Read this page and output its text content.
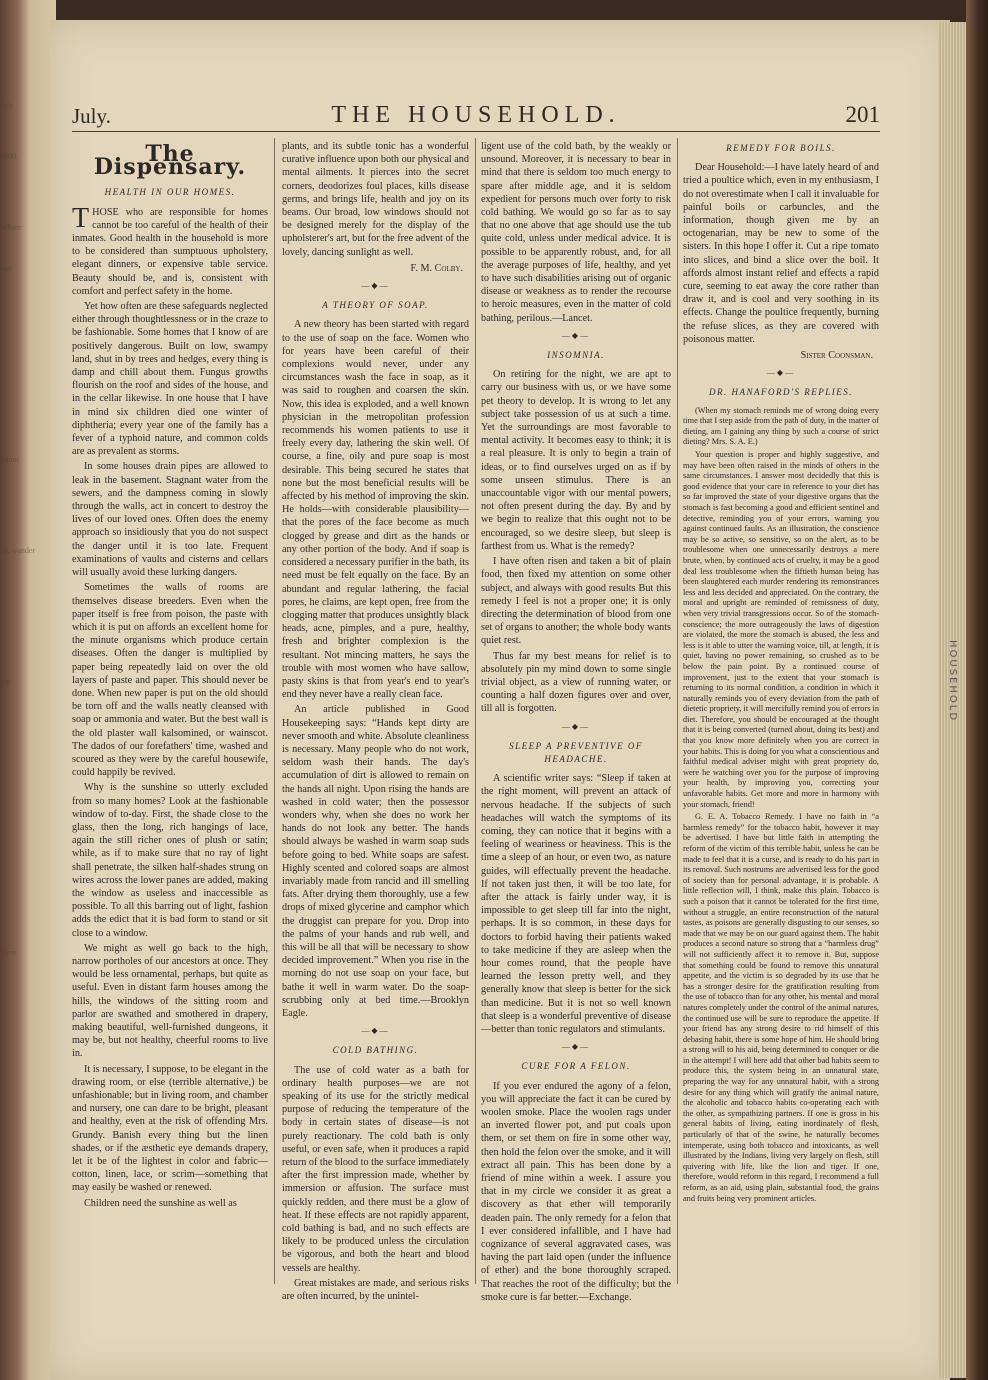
July
1890.
Where
had
minor
ist, wander
ing
Steer
HOUSEHOLD
July.	THE HOUSEHOLD.	201
The Dispensary.
HEALTH IN OUR HOMES.

THOSE who are responsible for homes cannot be too careful of the health of their inmates. Good health in the household is more to be considered than sumptuous upholstery, elegant dinners, or expensive table service. Beauty should be, and is, consistent with comfort and perfect safety in the home.

Yet how often are these safeguards neglected either through thoughtlessness or in the craze to be fashionable. Some homes that I know of are positively dangerous. Built on low, swampy land, shut in by trees and hedges, every thing is damp and chill about them. Fungus growths flourish on the roof and sides of the house, and in the cellar likewise. In one house that I have in mind six children died one winter of diphtheria; every year one of the family has a fever of a typhoid nature, and common colds are as prevalent as storms.

In some houses drain pipes are allowed to leak in the basement. Stagnant water from the sewers, and the dampness coming in slowly through the walls, act in concert to destroy the lives of our loved ones. Often does the enemy approach so insidiously that you do not suspect the danger until it is too late. Frequent examinations of vaults and cisterns and cellars will usually avoid these lurking dangers.

Sometimes the walls of rooms are themselves disease breeders. Even when the paper itself is free from poison, the paste with which it is put on affords an excellent home for the minute organisms which produce certain diseases. Often the danger is multiplied by paper being repeatedly laid on over the old layers of paste and paper. This should never be done. When new paper is put on the old should be torn off and the walls neatly cleansed with soap or ammonia and water. But the best wall is the old plaster wall kalsomined, or wainscot. The dados of our forefathers' time, washed and scoured as they were by the careful housewife, could happily be revived.

Why is the sunshine so utterly excluded from so many homes? Look at the fashionable window of to-day. First, the shade close to the glass, then the long, rich hangings of lace, again the still richer ones of plush or satin; while, as if to make sure that no ray of light shall penetrate, the silken half-shades strung on wires across the lower panes are added, making the window as useless and inaccessible as possible. To all this barring out of light, fashion adds the edict that it is bad form to stand or sit close to a window.

We might as well go back to the high, narrow portholes of our ancestors at once. They would be less ornamental, perhaps, but quite as useful. Even in distant farm houses among the hills, the windows of the sitting room and parlor are swathed and smothered in drapery, making beautiful, well-furnished dungeons, it may be, but not healthy, cheerful rooms to live in.

It is necessary, I suppose, to be elegant in the drawing room, or else (terrible alternative,) be unfashionable; but in living room, and chamber and nursery, one can dare to be bright, pleasant and healthy, even at the risk of offending Mrs. Grundy. Banish every thing but the linen shades, or if the æsthetic eye demands drapery, let it be of the lightest in color and fabric—cotton, linen, lace, or scrim—something that may easily be washed or renewed.

Children need the sunshine as well as

plants, and its subtle tonic has a wonderful curative influence upon both our physical and mental ailments. It pierces into the secret corners, deodorizes foul places, kills disease germs, and brings life, health and joy on its beams. Our broad, low windows should not be designed merely for the display of the upholsterer's art, but for the free advent of the lovely, dancing sunlight as well.

F. M. Colby.
—◆—
A THEORY OF SOAP.

A new theory has been started with regard to the use of soap on the face. Women who for years have been careful of their complexions would never, under any circumstances wash the face in soap, as it was said to roughen and coarsen the skin. Now, this idea is exploded, and a well known physician in the metropolitan profession recommends his women patients to use it freely every day, lathering the skin well. Of course, a fine, oily and pure soap is most desirable. This being secured he states that none but the most beneficial results will be affected by his method of improving the skin. He holds—with considerable plausibility—that the pores of the face become as much clogged by grease and dirt as the hands or any other portion of the body. And if soap is considered a necessary purifier in the bath, its need must be felt equally on the face. By an abundant and regular lathering, the facial pores, he claims, are kept open, free from the clogging matter that produces unsightly black heads, acne, pimples, and a pure, healthy, fresh and brighter complexion is the resultant. Not mincing matters, he says the trouble with most women who have sallow, pasty skins is that from year's end to year's end they never have a really clean face.

An article published in Good Housekeeping says: “Hands kept dirty are never smooth and white. Absolute cleanliness is necessary. Many people who do not work, seldom wash their hands. The day's accumulation of dirt is allowed to remain on the hands all night. Upon rising the hands are washed in cold water; then the possessor wonders why, when she does no work her hands do not look any better. The hands should always be washed in warm soap suds before going to bed. White soaps are safest. Highly scented and colored soaps are almost invariably made from rancid and ill smelling fats. After drying them thoroughly, use a few drops of mixed glycerine and camphor which the druggist can prepare for you. Drop into the palms of your hands and rub well, and this will be all that will be necessary to show decided improvement.” When you rise in the morning do not use soap on your face, but bathe it well in warm water. Do the soap-scrubbing only at bed time.—Brooklyn Eagle.

—◆—
COLD BATHING.

The use of cold water as a bath for ordinary health purposes—we are not speaking of its use for the strictly medical purpose of reducing the temperature of the body in certain states of disease—is not purely reactionary. The cold bath is only useful, or even safe, when it produces a rapid return of the blood to the surface immediately after the first impression made, whether by immersion or affusion. The surface must quickly redden, and there must be a glow of heat. If these effects are not rapidly apparent, cold bathing is bad, and no such effects are likely to be produced unless the circulation be vigorous, and both the heart and blood vessels are healthy.

Great mistakes are made, and serious risks are often incurred, by the unintel-

ligent use of the cold bath, by the weakly or unsound. Moreover, it is necessary to bear in mind that there is seldom too much energy to spare after middle age, and it is seldom expedient for persons much over forty to risk cold bathing. We would go so far as to say that no one above that age should use the tub quite cold, unless under medical advice. It is possible to be apparently robust, and, for all the average purposes of life, healthy, and yet to have such disabilities arising out of organic disease or weakness as to render the recourse to heroic measures, even in the matter of cold bathing, perilous.—Lancet.

—◆—
INSOMNIA.

On retiring for the night, we are apt to carry our business with us, or we have some pet theory to develop. It is wrong to let any subject take possession of us at such a time. Yet the surroundings are most favorable to mental activity. It becomes easy to think; it is a real pleasure. It is only to begin a train of ideas, or to find ourselves urged on as if by some unseen stimulus. There is an unaccountable vigor with our mental powers, not often present during the day. By and by we begin to realize that this ought not to be encouraged, so we desire sleep, but sleep is farthest from us. What is the remedy?

I have often risen and taken a bit of plain food, then fixed my attention on some other subject, and always with good results But this remedy I feel is not a proper one; it is only directing the determination of blood from one set of organs to another; the whole body wants quiet rest.

Thus far my best means for relief is to absolutely pin my mind down to some single trivial object, as a view of running water, or counting a half dozen figures over and over, till all is forgotten.

—◆—
SLEEP A PREVENTIVE OF HEADACHE.

A scientific writer says: “Sleep if taken at the right moment, will prevent an attack of nervous headache. If the subjects of such headaches will watch the symptoms of its coming, they can notice that it begins with a feeling of weariness or heaviness. This is the time a sleep of an hour, or even two, as nature guides, will effectually prevent the headache. If not taken just then, it will be too late, for after the attack is fairly under way, it is impossible to get sleep till far into the night, perhaps. It is so common, in these days for doctors to forbid having their patients waked to take medicine if they are asleep when the hour comes round, that the people have learned the lesson pretty well, and they generally know that sleep is better for the sick than medicine. But it is not so well known that sleep is a wonderful preventive of disease—better than tonic regulators and stimulants.

—◆—
CURE FOR A FELON.

If you ever endured the agony of a felon, you will appreciate the fact it can be cured by woolen smoke. Place the woolen rags under an inverted flower pot, and put coals upon them, or set them on fire in some other way, then hold the felon over the smoke, and it will extract all pain. This has been done by a friend of mine within a week. I assure you that in my circle we consider it as great a discovery as that ether will temporarily deaden pain. The only remedy for a felon that I ever considered infallible, and I have had cognizance of several aggravated cases, was having the part laid open (under the influence of ether) and the bone thoroughly scraped. That reaches the root of the difficulty; but the smoke cure is far better.—Exchange.

REMEDY FOR BOILS.

Dear Household:—I have lately heard of and tried a poultice which, even in my enthusiasm, I do not overestimate when I call it invaluable for painful boils or carbuncles, and the information, though given me by an octogenarian, may be new to some of the sisters. In this hope I offer it. Cut a ripe tomato into slices, and bind a slice over the boil. It affords almost instant relief and effects a rapid cure, seeming to eat away the core rather than draw it, and is cool and very soothing in its effects. Change the poultice frequently, burning the refuse slices, as they are covered with poisonous matter.

Sister Coonsman.
—◆—
DR. HANAFORD'S REPLIES.

(When my stomach reminds me of wrong doing every time that I step aside from the path of duty, in the matter of dieting, am I gaining any thing by such a course of strict dieting? Mrs. S. A. E.)

Your question is proper and highly suggestive, and may have been often raised in the minds of others in the same circumstances. I answer most decidedly that this is good evidence that your care in reference to your diet has so far improved the state of your digestive organs that the stomach is fast becoming a good and efficient sentinel and detective, reminding you of your errors, warning you against continued faults. As an illustration, the conscience may be so active, so sensitive, so on the alert, as to be troublesome when one unnecessarily destroys a mere brute, when, by continued acts of cruelty, it may be a good deal less troublesome when the fiftieth human being has been slaughtered each murder rendering its remonstrances less and less decided and appreciated. On the contrary, the moral and upright are reminded of remissness of duty, when very trivial transgressions occur. So of the stomach-conscience; the more outrageously the laws of digestion are violated, the more the stomach is abused, the less and less is it able to utter the warning voice, till, at length, it is quiet, having no power remaining, so crushed as to be below the pain point. By a continued course of improvement, just to the extent that your stomach is returning to its normal condition, a condition in which it naturally reminds you of every deviation from the path of dietetic propriety, it will mercifully remind you of errors in diet. Therefore, you should be encouraged at the thought that it is being converted (turned about, doing its best) and that you know more definitely when you are correct in your habits. This is doing for you what a conscientious and faithful medical adviser might with great propriety do, were he watching over you for the purpose of improving your health, by improving you, correcting your unfavorable habits. Get more and more in harmony with your stomach, friend!

G. E. A. Tobacco Remedy. I have no faith in “a harmless remedy” for the tobacco habit, however it may be advertised. I have but little faith in attempting the reform of the victim of this terrible habit, unless he can be made to feel that it is a curse, and is ready to do his part in its removal. Such nostrums are advertised less for the good of society than for personal advantage, it is probable. A little reflection will, I think, make this plain. Tobacco is such a poison that it cannot be tolerated for the first time, without a struggle, an entire reconstruction of the natural tastes, as poisons are generally disgusting to our senses, so made that we may be on our guard against them. The habit produces a second nature so strong that a “harmless drug” will not sufficiently affect it to remove it. But, suppose that something could be found to remove this unnatural appetite, and the victim is so degraded by its use that he has a stronger desire for the gratification resulting from the use of tobacco than for any other, his mental and moral natures completely under the control of the animal natures, the continued use will be sure to reproduce the appetite. If your friend has any strong desire to rid himself of this debasing habit, there is some hope of him. He should bring a strong will to his aid, being determined to conquer or die in the attempt! I will here add that other bad habits seem to produce this, the system being in an unnatural state, preparing the way for any unnatural habit, with a strong desire for any thing which will gratify the animal nature, the alcoholic and tobacco habits co-operating each with the other, as sympathizing partners. If one is gross in his general habits of living, eating inordinately of flesh, particularly of that of the swine, he naturally becomes intemperate, using both tobacco and intoxicants, as well illustrated by the Indians, living very largely on flesh, still quivering with life, like the lion and tiger. If one, therefore, would reform in this regard, I recommend a full reform, as an aid, using plain, substantial food, the grains and fruits being very prominent articles.
